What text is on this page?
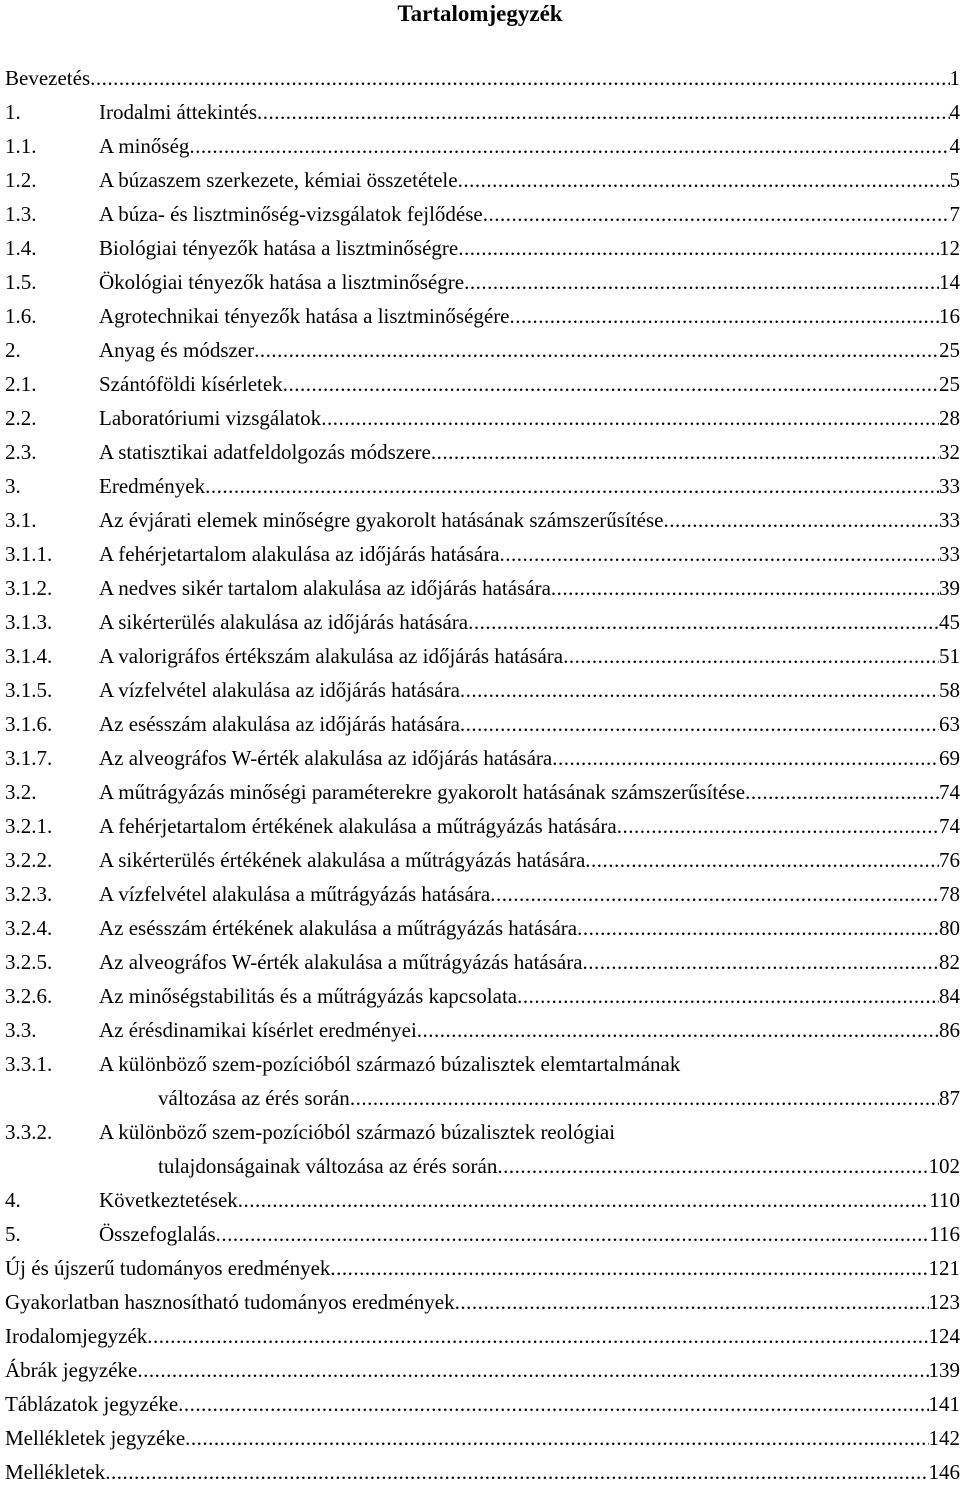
Tartalomjegyzék
Bevezetés .....	1
1.	Irodalmi áttekintés .....	4
1.1.	A minőség .....	4
1.2.	A búzaszem szerkezete, kémiai összetétele .....	5
1.3.	A búza- és lisztminőség-vizsgálatok fejlődése .....	7
1.4.	Biológiai tényezők hatása a lisztminőségre .....	12
1.5.	Ökológiai tényezők hatása a lisztminőségre .....	14
1.6.	Agrotechnikai tényezők hatása a lisztminőségére .....	16
2.	Anyag és módszer .....	25
2.1.	Szántóföldi kísérletek .....	25
2.2.	Laboratóriumi vizsgálatok .....	28
2.3.	A statisztikai adatfeldolgozás módszere .....	32
3.	Eredmények .....	33
3.1.	Az évjárati elemek minőségre gyakorolt hatásának számszerűsítése .....	33
3.1.1.	A fehérjetartalom alakulása az időjárás hatására .....	33
3.1.2.	A nedves sikér tartalom alakulása az időjárás hatására .....	39
3.1.3.	A sikérterülés alakulása az időjárás hatására .....	45
3.1.4.	A valorigráfos értékszám alakulása az időjárás hatására .....	51
3.1.5.	A vízfelvétel alakulása az időjárás hatására .....	58
3.1.6.	Az esésszám alakulása az időjárás hatására .....	63
3.1.7.	Az alveográfos W-érték alakulása az időjárás hatására .....	69
3.2.	A műtrágyázás minőségi paraméterekre gyakorolt hatásának számszerűsítése .....	74
3.2.1.	A fehérjetartalom értékének alakulása a műtrágyázás hatására .....	74
3.2.2.	A sikérterülés értékének alakulása a műtrágyázás hatására .....	76
3.2.3.	A vízfelvétel alakulása a műtrágyázás hatására .....	78
3.2.4.	Az esésszám értékének alakulása a műtrágyázás hatására .....	80
3.2.5.	Az alveográfos W-érték alakulása a műtrágyázás hatására .....	82
3.2.6.	Az minőségstabilitás és a műtrágyázás kapcsolata .....	84
3.3.	Az érésdinamikai kísérlet eredményei .....	86
3.3.1.	A különböző szem-pozícióból származó búzalisztek elemtartalmának
változása az érés során .....	87
3.3.2.	A különböző szem-pozícióból származó búzalisztek reológiai
tulajdonságainak változása az érés során .....	102
4.	Következtetések .....	110
5.	Összefoglalás .....	116
Új és újszerű tudományos eredmények .....	121
Gyakorlatban hasznosítható tudományos eredmények .....	123
Irodalomjegyzék .....	124
Ábrák jegyzéke .....	139
Táblázatok jegyzéke .....	141
Mellékletek jegyzéke .....	142
Mellékletek .....	146
